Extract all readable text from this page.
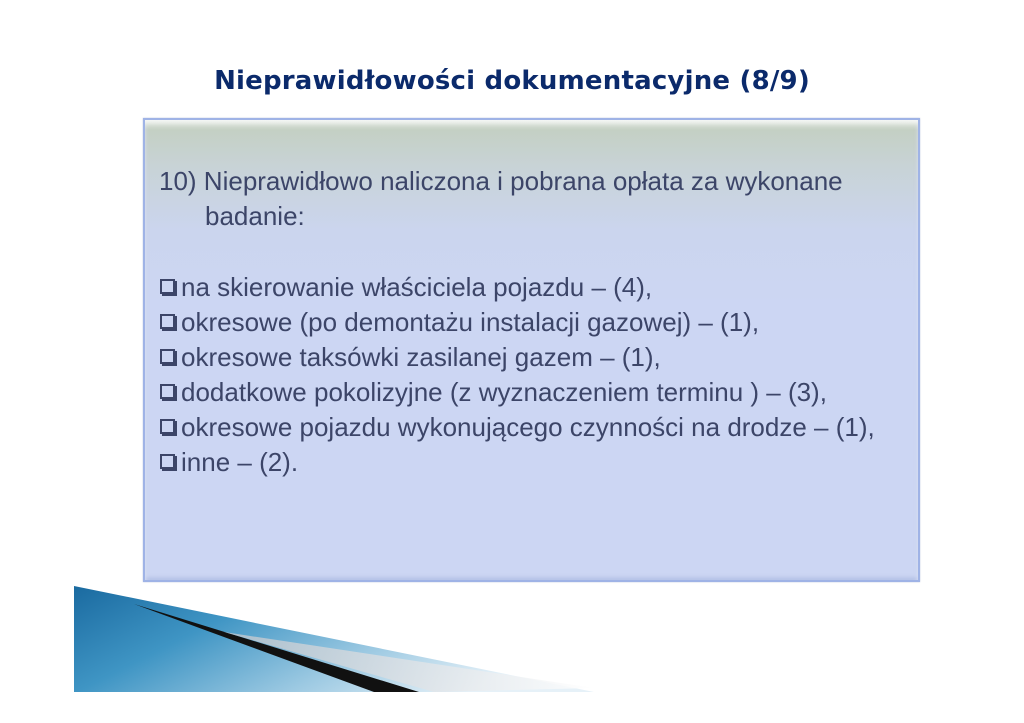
Nieprawidłowości dokumentacyjne (8/9)

10) Nieprawidłowo naliczona i pobrana opłata za wykonane badanie:

na skierowanie właściciela pojazdu – (4),

okresowe (po demontażu instalacji gazowej) – (1),

okresowe taksówki zasilanej gazem – (1),

dodatkowe pokolizyjne (z wyznaczeniem terminu ) – (3),

okresowe pojazdu wykonującego czynności na drodze – (1),

inne – (2).
